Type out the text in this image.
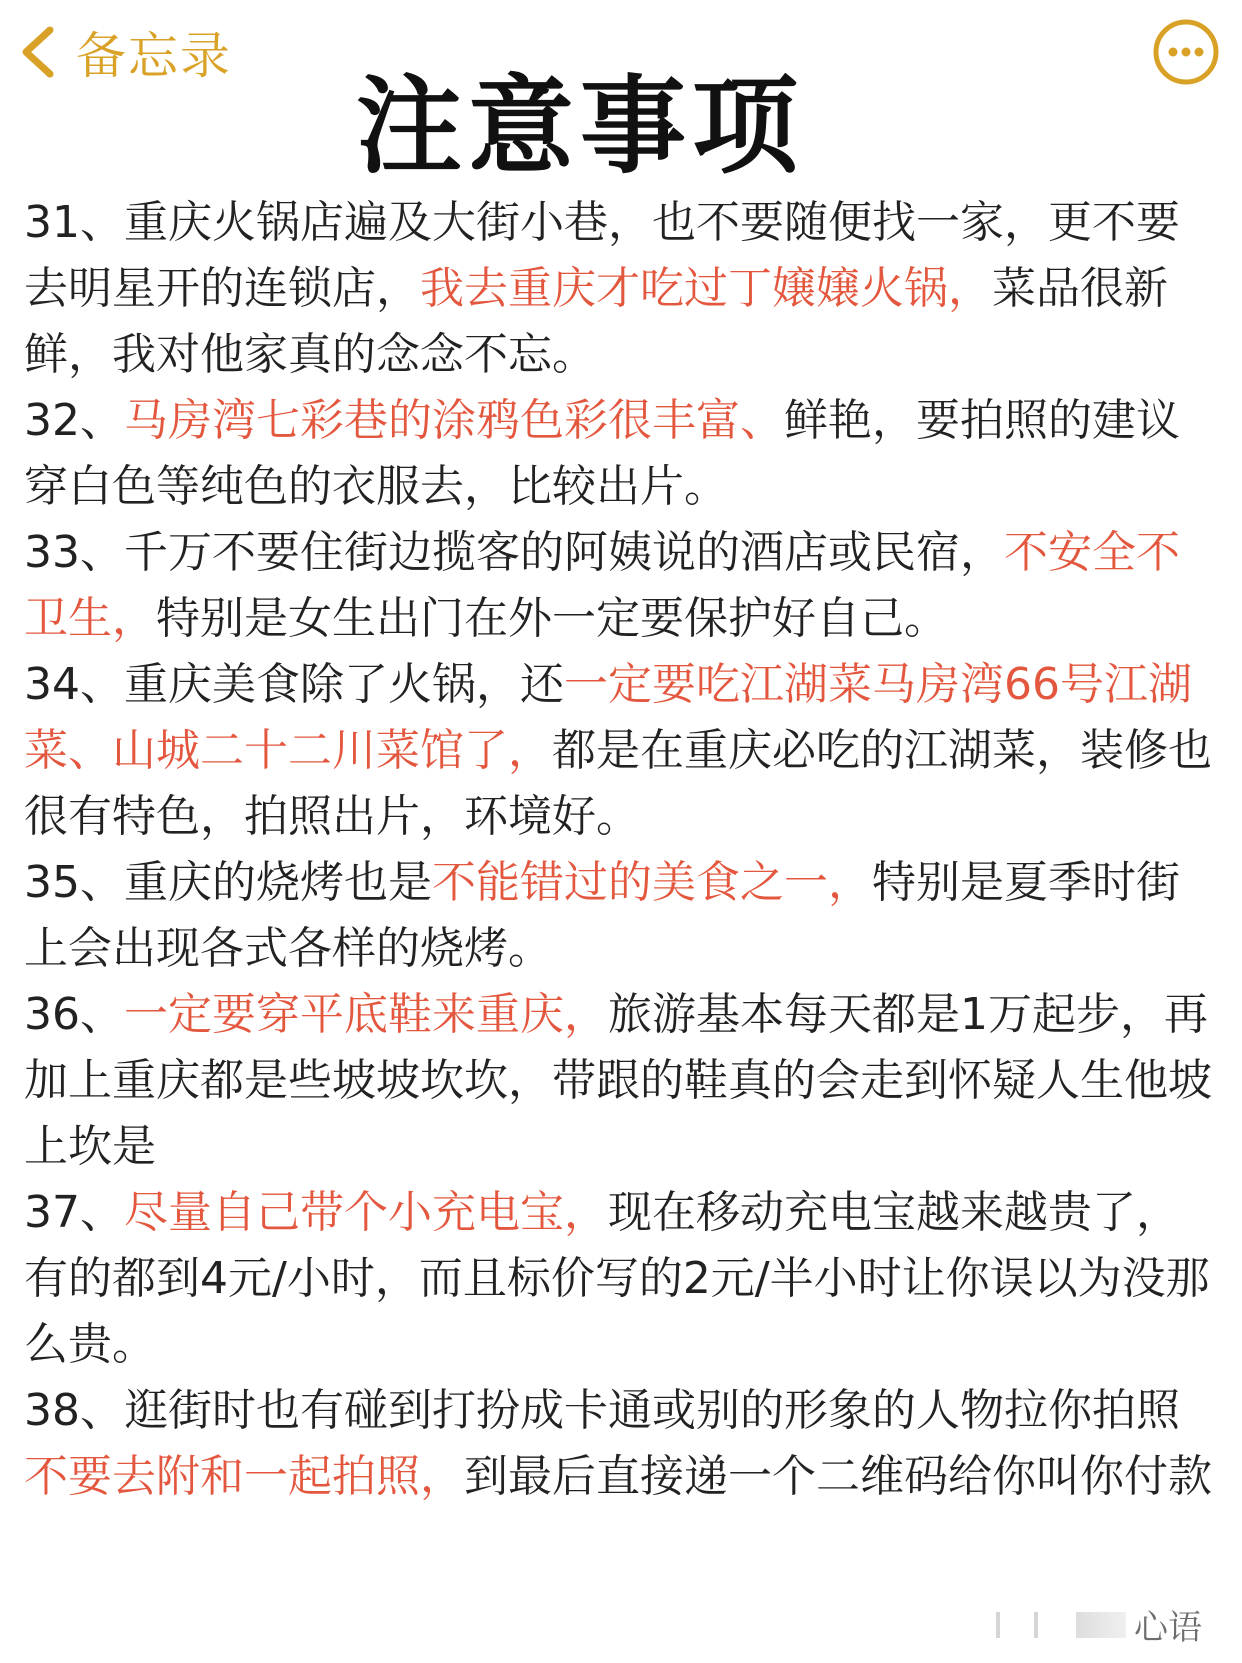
备忘录
注意事项

31、重庆火锅店遍及大街小巷，也不要随便找一家，更不要去明星开的连锁店，我去重庆才吃过丁嬢嬢火锅，菜品很新鲜，我对他家真的念念不忘。

32、马房湾七彩巷的涂鸦色彩很丰富、鲜艳，要拍照的建议穿白色等纯色的衣服去，比较出片。

33、千万不要住街边揽客的阿姨说的酒店或民宿，不安全不卫生，特别是女生出门在外一定要保护好自己。

34、重庆美食除了火锅，还一定要吃江湖菜马房湾66号江湖菜、山城二十二川菜馆了，都是在重庆必吃的江湖菜，装修也很有特色，拍照出片，环境好。

35、重庆的烧烤也是不能错过的美食之一，特别是夏季时街上会出现各式各样的烧烤。

36、一定要穿平底鞋来重庆，旅游基本每天都是1万起步，再加上重庆都是些坡坡坎坎，带跟的鞋真的会走到怀疑人生他坡上坎是

37、尽量自己带个小充电宝，现在移动充电宝越来越贵了，有的都到4元/小时，而且标价写的2元/半小时让你误以为没那么贵。

38、逛街时也有碰到打扮成卡通或别的形象的人物拉你拍照不要去附和一起拍照，到最后直接递一个二维码给你叫你付款

心语
